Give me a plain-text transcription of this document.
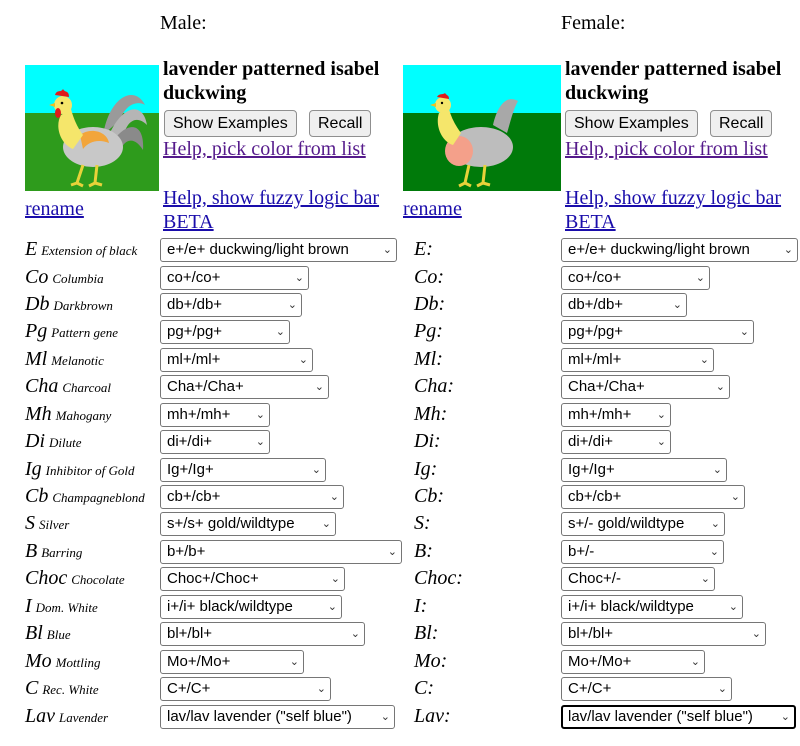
Male:	Female:
lavender patterned isabel duckwing
Show Examples	Recall
Help, pick color from list
Help, show fuzzy logic bar BETA
rename
lavender patterned isabel duckwing
Show Examples	Recall
Help, pick color from list
Help, show fuzzy logic bar BETA
rename
E Extension of black	e+/e+ duckwing/light brown	⌄ E:	e+/e+ duckwing/light brown	⌄
Co Columbia	co+/co+	⌄	Co:	co+/co+	⌄
Db Darkbrown	db+/db+	⌄	Db:	db+/db+	⌄
Pg Pattern gene	pg+/pg+	⌄	Pg:	pg+/pg+	⌄
Ml Melanotic	ml+/ml+	⌄	Ml:	ml+/ml+	⌄
Cha Charcoal	Cha+/Cha+	⌄	Cha:	Cha+/Cha+	⌄
Mh Mahogany	mh+/mh+ ⌄	Mh:	mh+/mh+ ⌄
Di Dilute	di+/di+	⌄	Di:	di+/di+	⌄
Ig Inhibitor of Gold	Ig+/Ig+	⌄	Ig:	Ig+/Ig+	⌄
Cb Champagneblond	cb+/cb+	⌄	Cb:	cb+/cb+	⌄
S Silver	s+/s+ gold/wildtype ⌄	S:	s+/- gold/wildtype ⌄
B Barring	b+/b+	⌄ B:	b+/-	⌄
Choc Chocolate	Choc+/Choc+	⌄	Choc:	Choc+/-	⌄
I Dom. White	i+/i+ black/wildtype	⌄	I:	i+/i+ black/wildtype	⌄
Bl Blue	bl+/bl+	⌄	Bl:	bl+/bl+	⌄
Mo Mottling	Mo+/Mo+	⌄	Mo:	Mo+/Mo+	⌄
C Rec. White	C+/C+	⌄	C:	C+/C+	⌄
Lav Lavender	lav/lav lavender ("self blue")	⌄ Lav:	lav/lav lavender ("self blue")	⌄
